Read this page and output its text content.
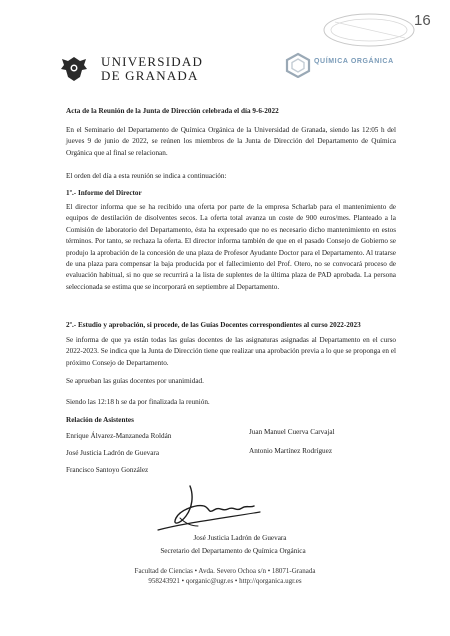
16
UNIVERSIDAD
DE GRANADA
QUÍMICA ORGÁNICA
Acta de la Reunión de la Junta de Dirección celebrada el día 9-6-2022
En el Seminario del Departamento de Química Orgánica de la Universidad de Granada, siendo las 12:05 h del jueves 9 de junio de 2022, se reúnen los miembros de la Junta de Dirección del Departamento de Química Orgánica que al final se relacionan.
El orden del día a esta reunión se indica a continuación:
1º.- Informe del Director
El director informa que se ha recibido una oferta por parte de la empresa Scharlab para el mantenimiento de equipos de destilación de disolventes secos. La oferta total avanza un coste de 900 euros/mes. Planteado a la Comisión de laboratorio del Departamento, ésta ha expresado que no es necesario dicho mantenimiento en estos términos. Por tanto, se rechaza la oferta. El director informa también de que en el pasado Consejo de Gobierno se produjo la aprobación de la concesión de una plaza de Profesor Ayudante Doctor para el Departamento. Al tratarse de una plaza para compensar la baja producida por el fallecimiento del Prof. Otero, no se convocará proceso de evaluación habitual, si no que se recurrirá a la lista de suplentes de la última plaza de PAD aprobada. La persona seleccionada se estima que se incorporará en septiembre al Departamento.
2º.- Estudio y aprobación, si procede, de las Guías Docentes correspondientes al curso 2022-2023
Se informa de que ya están todas las guías docentes de las asignaturas asignadas al Departamento en el curso 2022-2023. Se indica que la Junta de Dirección tiene que realizar una aprobación previa a lo que se proponga en el próximo Consejo de Departamento.
Se aprueban las guías docentes por unanimidad.
Siendo las 12:18 h se da por finalizada la reunión.
Relación de Asistentes
Enrique Álvarez-Manzaneda Roldán
José Justicia Ladrón de Guevara
Francisco Santoyo González
Juan Manuel Cuerva Carvajal
Antonio Martínez Rodríguez
José Justicia Ladrón de Guevara
Secretario del Departamento de Química Orgánica
Facultad de Ciencias • Avda. Severo Ochoa s/n • 18071-Granada
958243921 • qorganic@ugr.es • http://qorganica.ugr.es
